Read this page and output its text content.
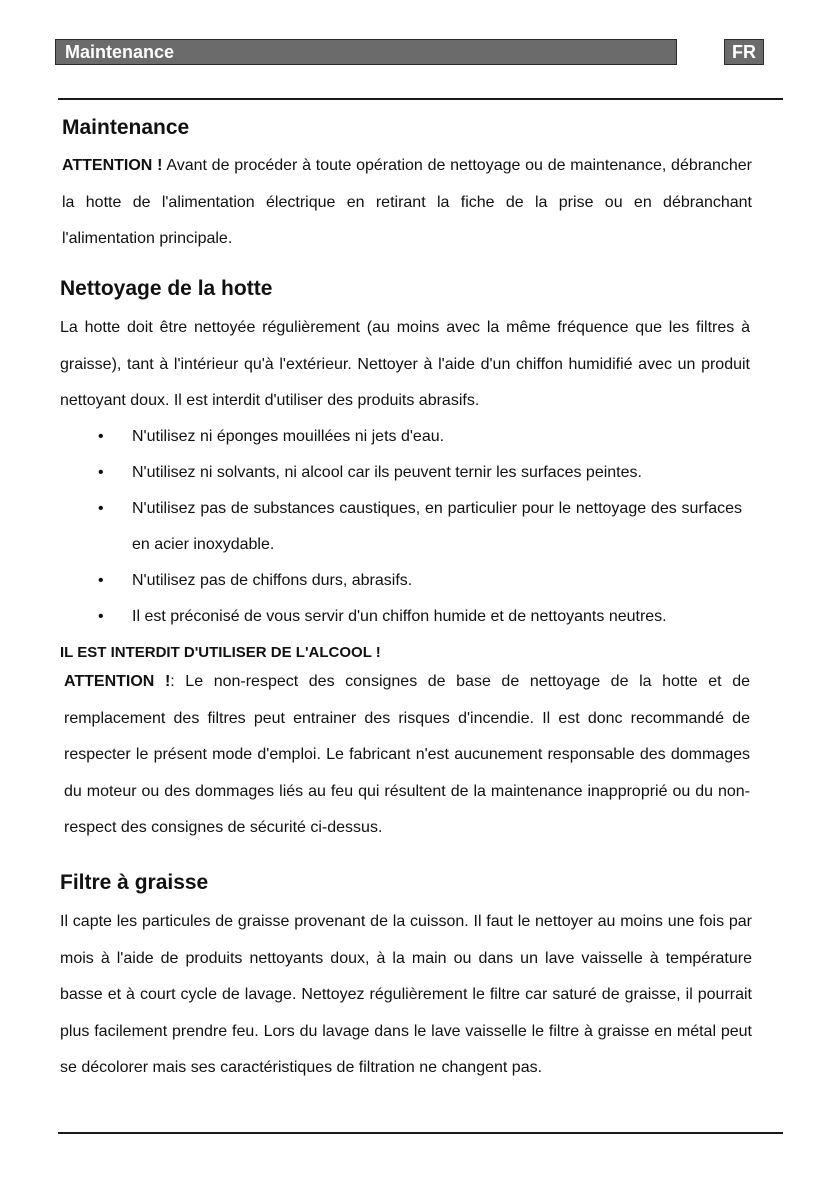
Maintenance	FR
Maintenance

ATTENTION ! Avant de procéder à toute opération de nettoyage ou de maintenance, débrancher la hotte de l'alimentation électrique en retirant la fiche de la prise ou en débranchant l'alimentation principale.

Nettoyage de la hotte

La hotte doit être nettoyée régulièrement (au moins avec la même fréquence que les filtres à graisse), tant à l'intérieur qu'à l'extérieur. Nettoyer à l'aide d'un chiffon humidifié avec un produit nettoyant doux. Il est interdit d'utiliser des produits abrasifs.

• N'utilisez ni éponges mouillées ni jets d'eau.
• N'utilisez ni solvants, ni alcool car ils peuvent ternir les surfaces peintes.
• N'utilisez pas de substances caustiques, en particulier pour le nettoyage des surfaces en acier inoxydable.
• N'utilisez pas de chiffons durs, abrasifs.
• Il est préconisé de vous servir d'un chiffon humide et de nettoyants neutres.
IL EST INTERDIT D'UTILISER DE L'ALCOOL !

ATTENTION !: Le non-respect des consignes de base de nettoyage de la hotte et de remplacement des filtres peut entrainer des risques d'incendie. Il est donc recommandé de respecter le présent mode d'emploi. Le fabricant n'est aucunement responsable des dommages du moteur ou des dommages liés au feu qui résultent de la maintenance inapproprié ou du non-respect des consignes de sécurité ci-dessus.

Filtre à graisse

Il capte les particules de graisse provenant de la cuisson. Il faut le nettoyer au moins une fois par mois à l'aide de produits nettoyants doux, à la main ou dans un lave vaisselle à température basse et à court cycle de lavage. Nettoyez régulièrement le filtre car saturé de graisse, il pourrait plus facilement prendre feu. Lors du lavage dans le lave vaisselle le filtre à graisse en métal peut se décolorer mais ses caractéristiques de filtration ne changent pas.
